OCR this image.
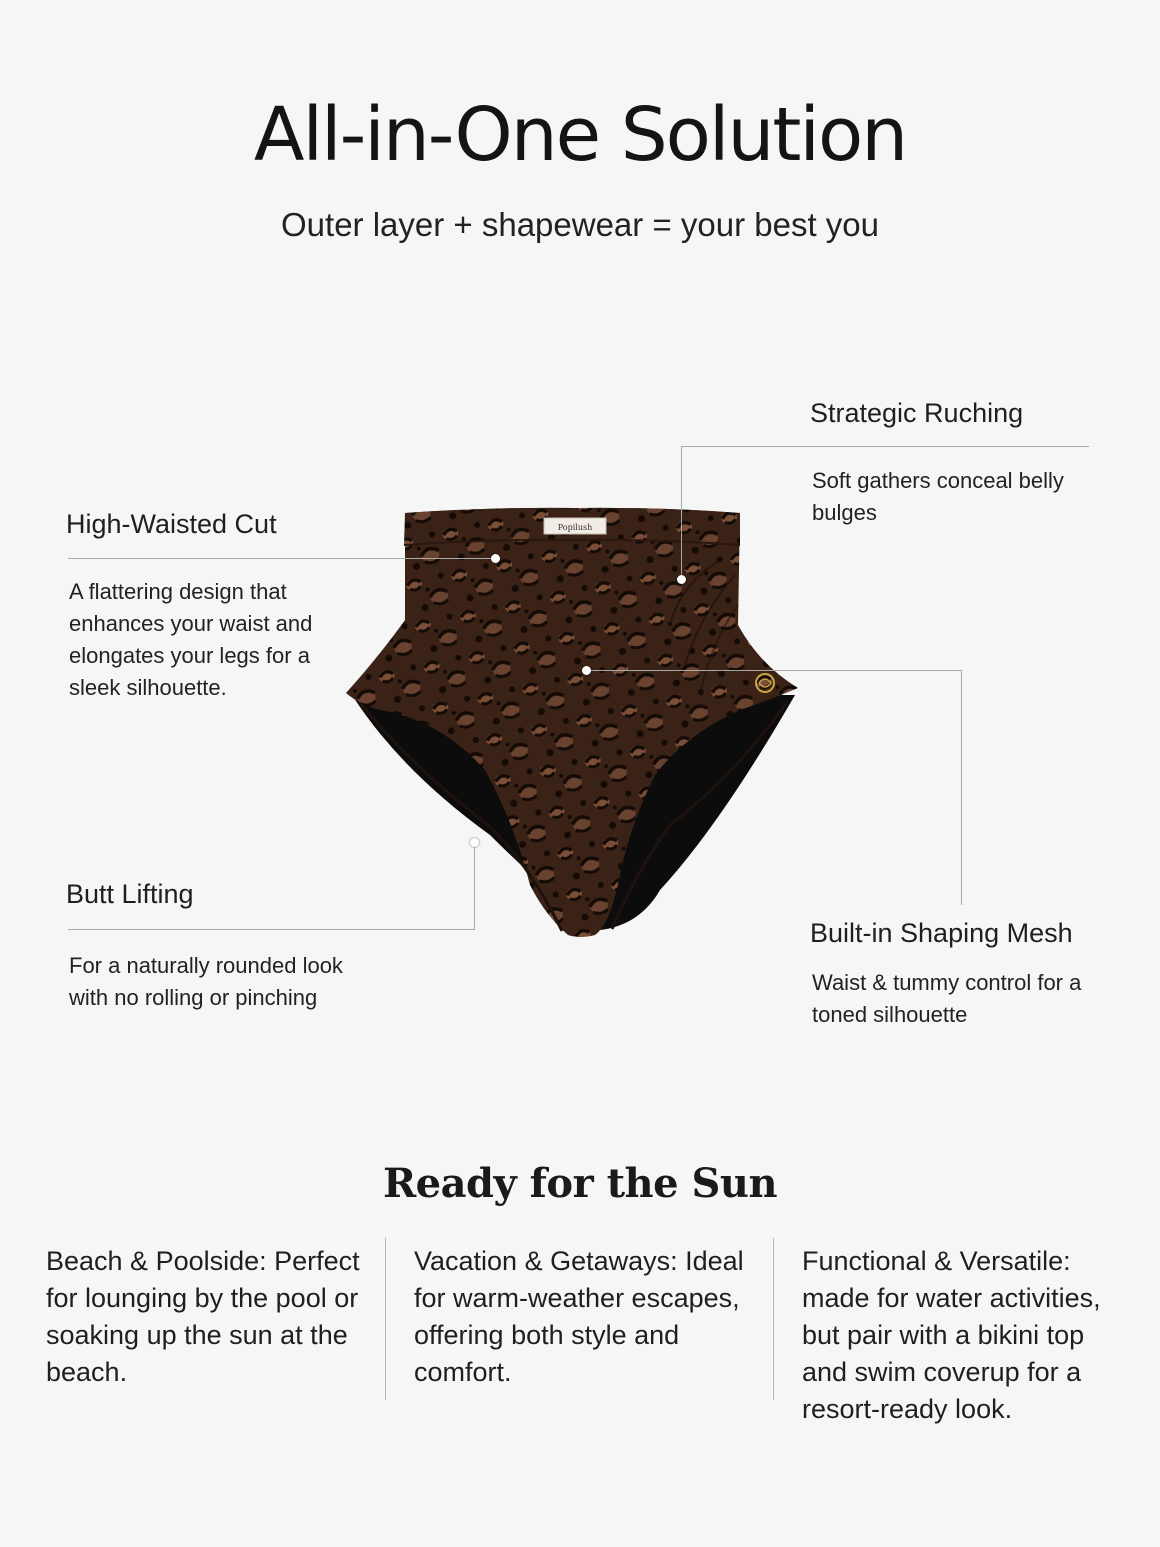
All-in-One Solution
Outer layer + shapewear = your best you
Popilush
High-Waisted Cut
A flattering design that enhances your waist and elongates your legs for a sleek silhouette.
Strategic Ruching
Soft gathers conceal belly bulges
Butt Lifting
For a naturally rounded look with no rolling or pinching
Built-in Shaping Mesh
Waist & tummy control for a toned silhouette
Ready for the Sun
Beach & Poolside: Perfect for lounging by the pool or soaking up the sun at the beach.
Vacation & Getaways: Ideal for warm-weather escapes, offering both style and comfort.
Functional & Versatile: made for water activities, but pair with a bikini top and swim coverup for a resort-ready look.
